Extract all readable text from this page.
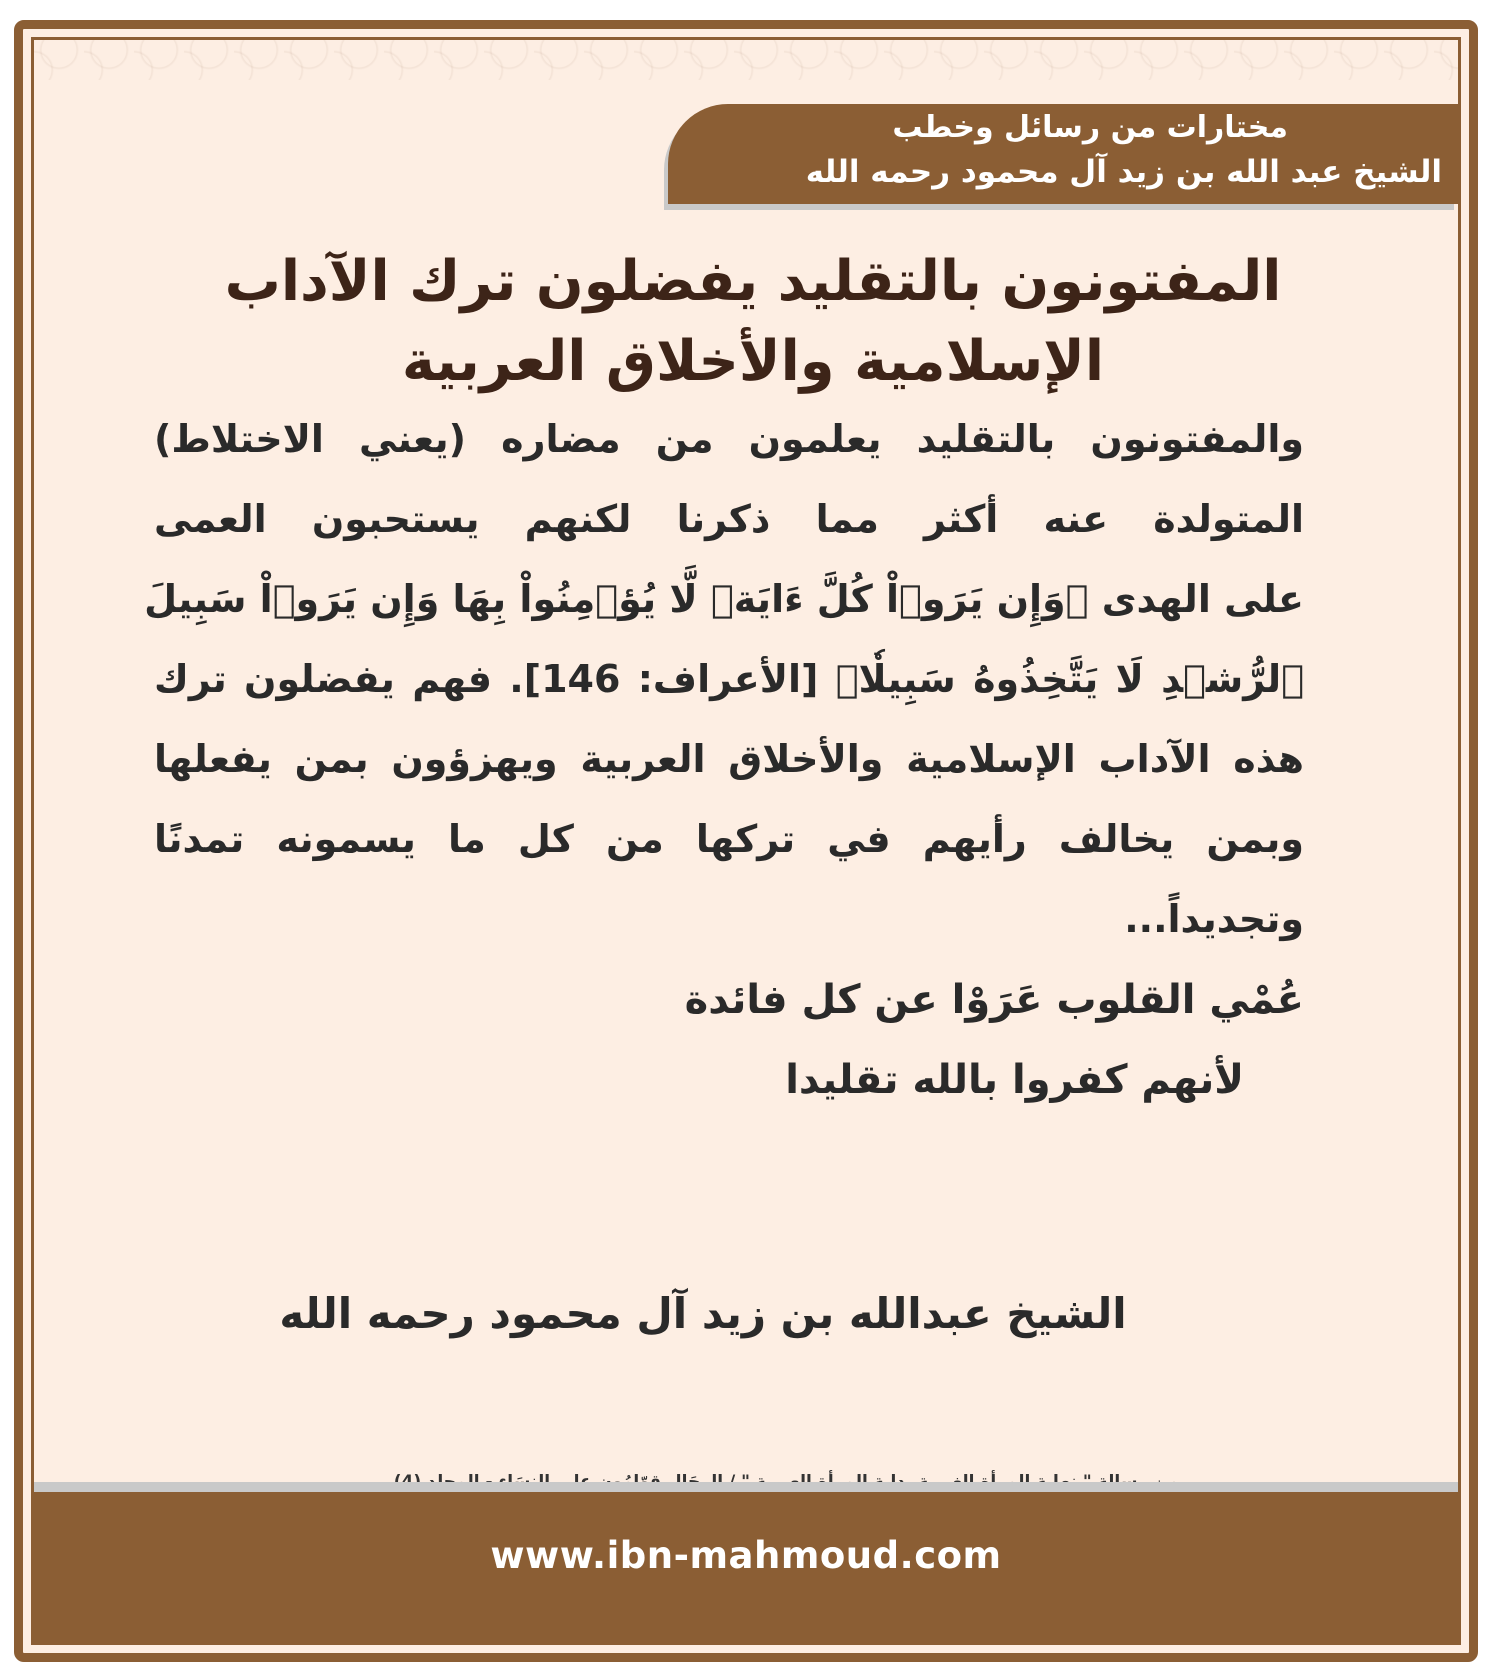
مختارات من رسائل وخطب
الشيخ عبد الله بن زيد آل محمود رحمه الله
المفتونون بالتقليد يفضلون ترك الآداب
الإسلامية والأخلاق العربية
والمفتونون بالتقليد يعلمون من مضاره (يعني الاختلاط)
المتولدة عنه أكثر مما ذكرنا لكنهم يستحبون العمى
على الهدى ﴿وَإِن يَرَوۡاْ كُلَّ ءَايَةٖ لَّا يُؤۡمِنُواْ بِهَا وَإِن يَرَوۡاْ سَبِيلَ
ٱلرُّشۡدِ لَا يَتَّخِذُوهُ سَبِيلٗا﴾ [الأعراف: 146]. فهم يفضلون ترك
هذه الآداب الإسلامية والأخلاق العربية ويهزؤون بمن يفعلها
وبمن يخالف رأيهم في تركها من كل ما يسمونه تمدنًا
وتجديداً...
عُمْي القلوب عَرَوْا عن كل فائدة
لأنهم كفروا بالله تقليدا
الشيخ عبدالله بن زيد آل محمود رحمه الله
من رسالة " نهاية المرأة الغربية بداية المرأة العربية " / الرجَال قوّامُون على النسَاء - المجلد (4)
www.ibn-mahmoud.com
